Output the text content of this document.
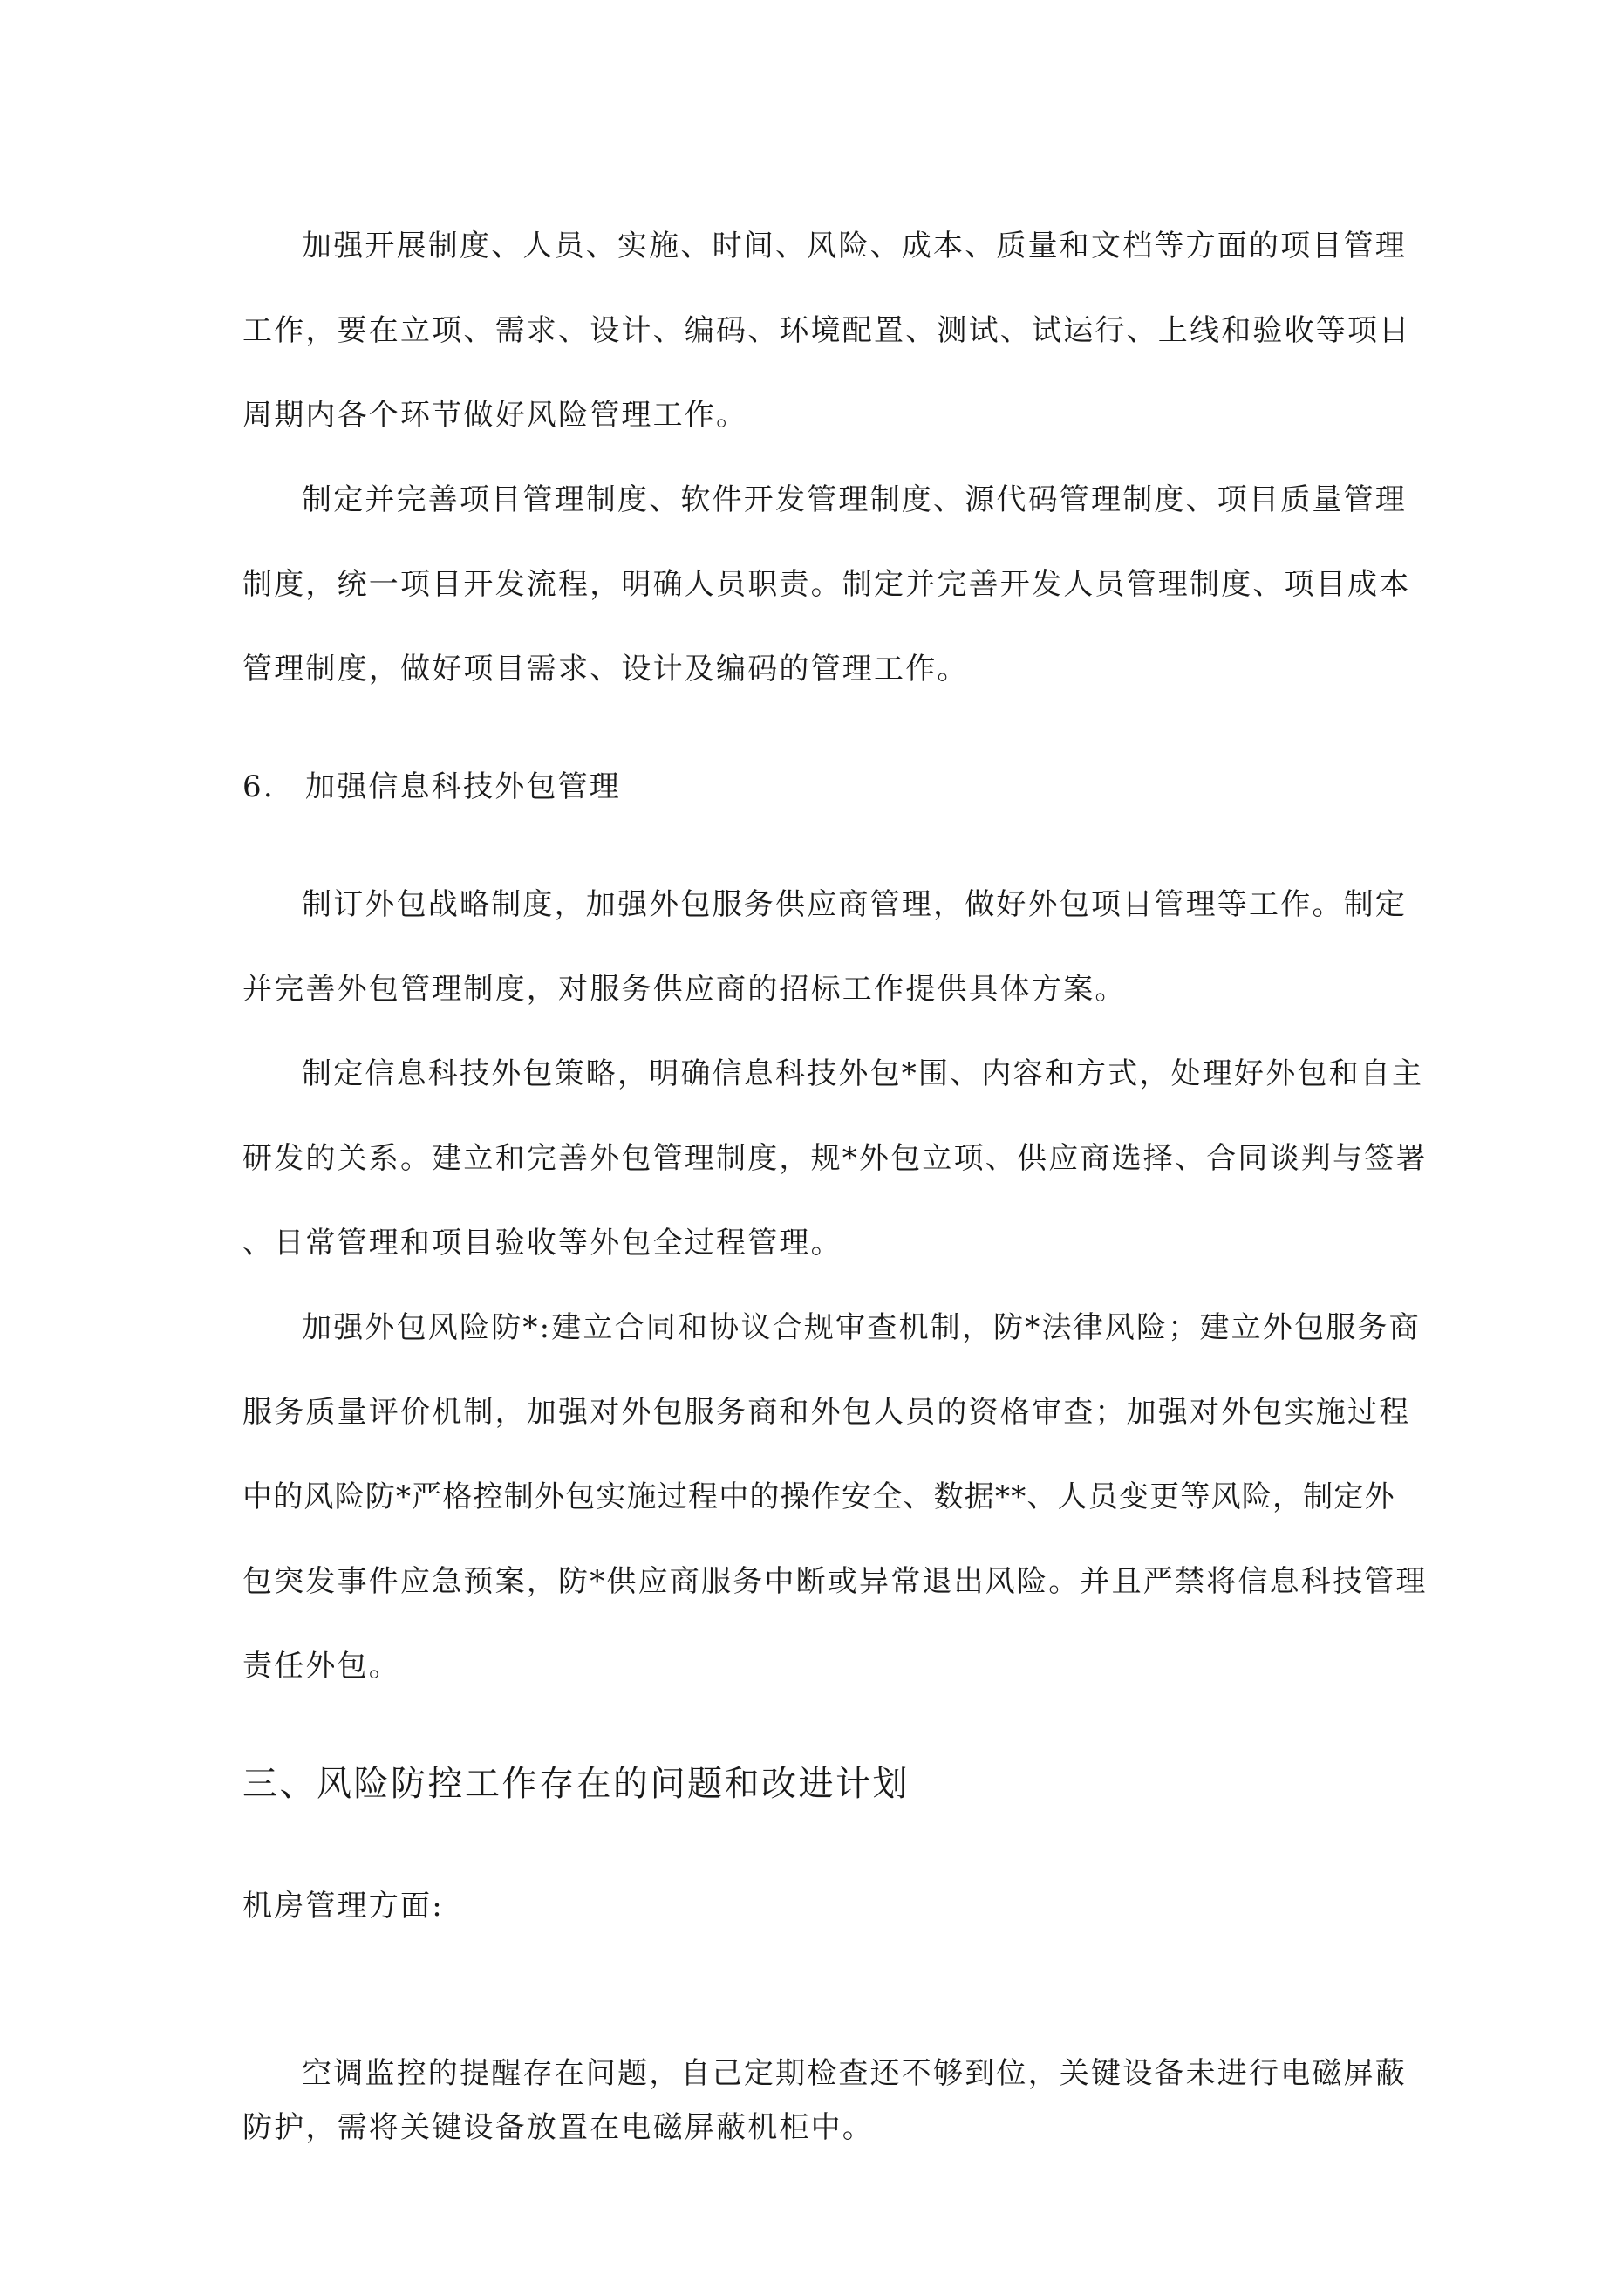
加强开展制度、人员、实施、时间、风险、成本、质量和文档等方面的项目管理
工作，要在立项、需求、设计、编码、环境配置、测试、试运行、上线和验收等项目
周期内各个环节做好风险管理工作。
制定并完善项目管理制度、软件开发管理制度、源代码管理制度、项目质量管理
制度，统一项目开发流程，明确人员职责。制定并完善开发人员管理制度、项目成本
管理制度，做好项目需求、设计及编码的管理工作。
6. 加强信息科技外包管理
制订外包战略制度，加强外包服务供应商管理，做好外包项目管理等工作。制定
并完善外包管理制度，对服务供应商的招标工作提供具体方案。
制定信息科技外包策略，明确信息科技外包*围、内容和方式，处理好外包和自主
研发的关系。建立和完善外包管理制度，规*外包立项、供应商选择、合同谈判与签署
、日常管理和项目验收等外包全过程管理。
加强外包风险防*:建立合同和协议合规审查机制，防*法律风险；建立外包服务商
服务质量评价机制，加强对外包服务商和外包人员的资格审查；加强对外包实施过程
中的风险防*严格控制外包实施过程中的操作安全、数据**、人员变更等风险，制定外
包突发事件应急预案，防*供应商服务中断或异常退出风险。并且严禁将信息科技管理
责任外包。
三、风险防控工作存在的问题和改进计划
机房管理方面:
空调监控的提醒存在问题，自己定期检查还不够到位，关键设备未进行电磁屏蔽
防护，需将关键设备放置在电磁屏蔽机柜中。
